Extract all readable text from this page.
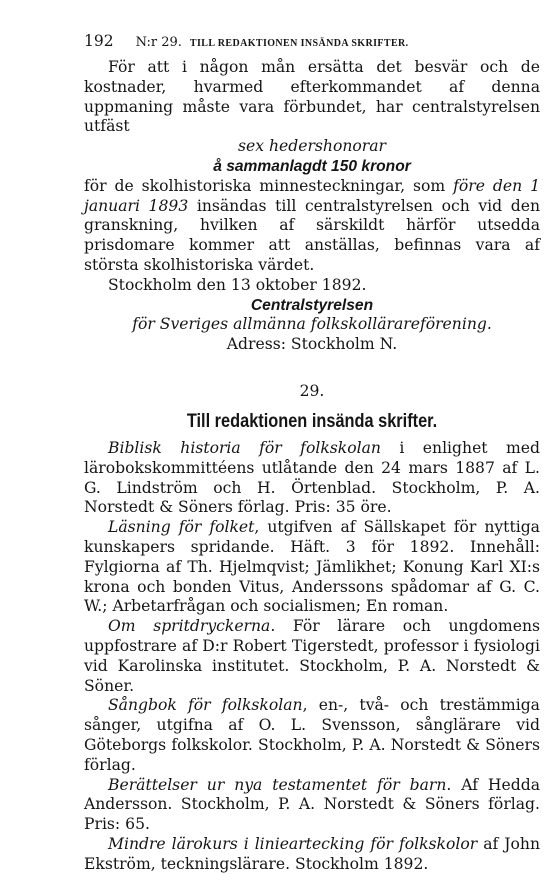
192 N:r 29. TILL REDAKTIONEN INSÄNDA SKRIFTER.

För att i någon mån ersätta det besvär och de kostnader, hvarmed efterkommandet af denna uppmaning måste vara förbundet, har centralstyrelsen utfäst

sex hedershonorar

å sammanlagdt 150 kronor

för de skolhistoriska minnesteckningar, som före den 1 januari 1893 insändas till centralstyrelsen och vid den granskning, hvilken af särskildt härför utsedda prisdomare kommer att anställas, befinnas vara af största skolhistoriska värdet.

Stockholm den 13 oktober 1892.

Centralstyrelsen

för Sveriges allmänna folkskollärareförening.

Adress: Stockholm N.

29.
Till redaktionen insända skrifter.

Biblisk historia för folkskolan i enlighet med lärobokskommittéens utlåtande den 24 mars 1887 af L. G. Lindström och H. Örtenblad. Stockholm, P. A. Norstedt & Söners förlag. Pris: 35 öre.

Läsning för folket, utgifven af Sällskapet för nyttiga kunskapers spridande. Häft. 3 för 1892. Innehåll: Fylgiorna af Th. Hjelmqvist; Jämlikhet; Konung Karl XI:s krona och bonden Vitus, Anderssons spådomar af G. C. W.; Arbetarfrågan och socialismen; En roman.

Om spritdryckerna. För lärare och ungdomens uppfostrare af D:r Robert Tigerstedt, professor i fysiologi vid Karolinska institutet. Stockholm, P. A. Norstedt & Söner.

Sångbok för folkskolan, en-, två- och trestämmiga sånger, utgifna af O. L. Svensson, sånglärare vid Göteborgs folkskolor. Stockholm, P. A. Norstedt & Söners förlag.

Berättelser ur nya testamentet för barn. Af Hedda Andersson. Stockholm, P. A. Norstedt & Söners förlag. Pris: 65.

Mindre lärokurs i linieartecking för folkskolor af John Ekström, teckningslärare. Stockholm 1892.
